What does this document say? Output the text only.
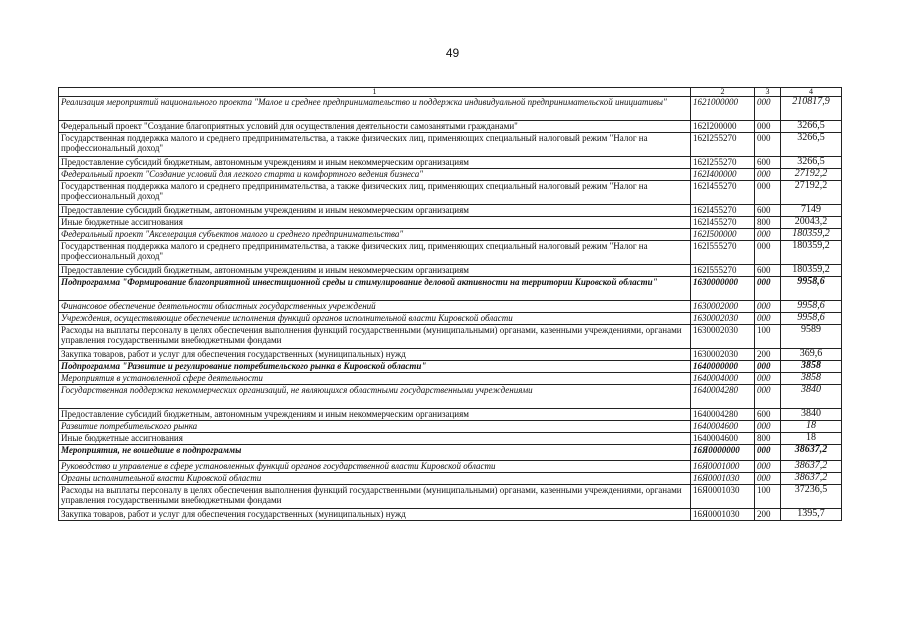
49
1	2	3	4
Реализация мероприятий национального проекта "Малое и среднее предпринимательство и поддержка индивидуальной предпринимательской инициативы"	1621000000	000	210817,9
Федеральный проект "Создание благоприятных условий для осуществления деятельности самозанятыми гражданами"	162I200000	000	3266,5
Государственная поддержка малого и среднего предпринимательства, а также физических лиц, применяющих специальный налоговый режим "Налог на профессиональный доход"	162I255270	000	3266,5
Предоставление субсидий бюджетным, автономным учреждениям и иным некоммерческим организациям	162I255270	600	3266,5
Федеральный проект "Создание условий для легкого старта и комфортного ведения бизнеса"	162I400000	000	27192,2
Государственная поддержка малого и среднего предпринимательства, а также физических лиц, применяющих специальный налоговый режим "Налог на профессиональный доход"	162I455270	000	27192,2
Предоставление субсидий бюджетным, автономным учреждениям и иным некоммерческим организациям	162I455270	600	7149
Иные бюджетные ассигнования	162I455270	800	20043,2
Федеральный проект "Акселерация субъектов малого и среднего предпринимательства"	162I500000	000	180359,2
Государственная поддержка малого и среднего предпринимательства, а также физических лиц, применяющих специальный налоговый режим "Налог на профессиональный доход"	162I555270	000	180359,2
Предоставление субсидий бюджетным, автономным учреждениям и иным некоммерческим организациям	162I555270	600	180359,2
Подпрограмма "Формирование благоприятной инвестиционной среды и стимулирование деловой активности на территории Кировской области"	1630000000	000	9958,6
Финансовое обеспечение деятельности областных государственных учреждений	1630002000	000	9958,6
Учреждения, осуществляющие обеспечение исполнения функций органов исполнительной власти Кировской области	1630002030	000	9958,6
Расходы на выплаты персоналу в целях обеспечения выполнения функций государственными (муниципальными) органами, казенными учреждениями, органами управления государственными внебюджетными фондами	1630002030	100	9589
Закупка товаров, работ и услуг для обеспечения государственных (муниципальных) нужд	1630002030	200	369,6
Подпрограмма "Развитие и регулирование потребительского рынка в Кировской области"	1640000000	000	3858
Мероприятия в установленной сфере деятельности	1640004000	000	3858
Государственная поддержка некоммерческих организаций, не являющихся областными государственными учреждениями	1640004280	000	3840
Предоставление субсидий бюджетным, автономным учреждениям и иным некоммерческим организациям	1640004280	600	3840
Развитие потребительского рынка	1640004600	000	18
Иные бюджетные ассигнования	1640004600	800	18
Мероприятия, не вошедшие в подпрограммы	16Я0000000	000	38637,2
Руководство и управление в сфере установленных функций органов государственной власти Кировской области	16Я0001000	000	38637,2
Органы исполнительной власти Кировской области	16Я0001030	000	38637,2
Расходы на выплаты персоналу в целях обеспечения выполнения функций государственными (муниципальными) органами, казенными учреждениями, органами управления государственными внебюджетными фондами	16Я0001030	100	37236,5
Закупка товаров, работ и услуг для обеспечения государственных (муниципальных) нужд	16Я0001030	200	1395,7
